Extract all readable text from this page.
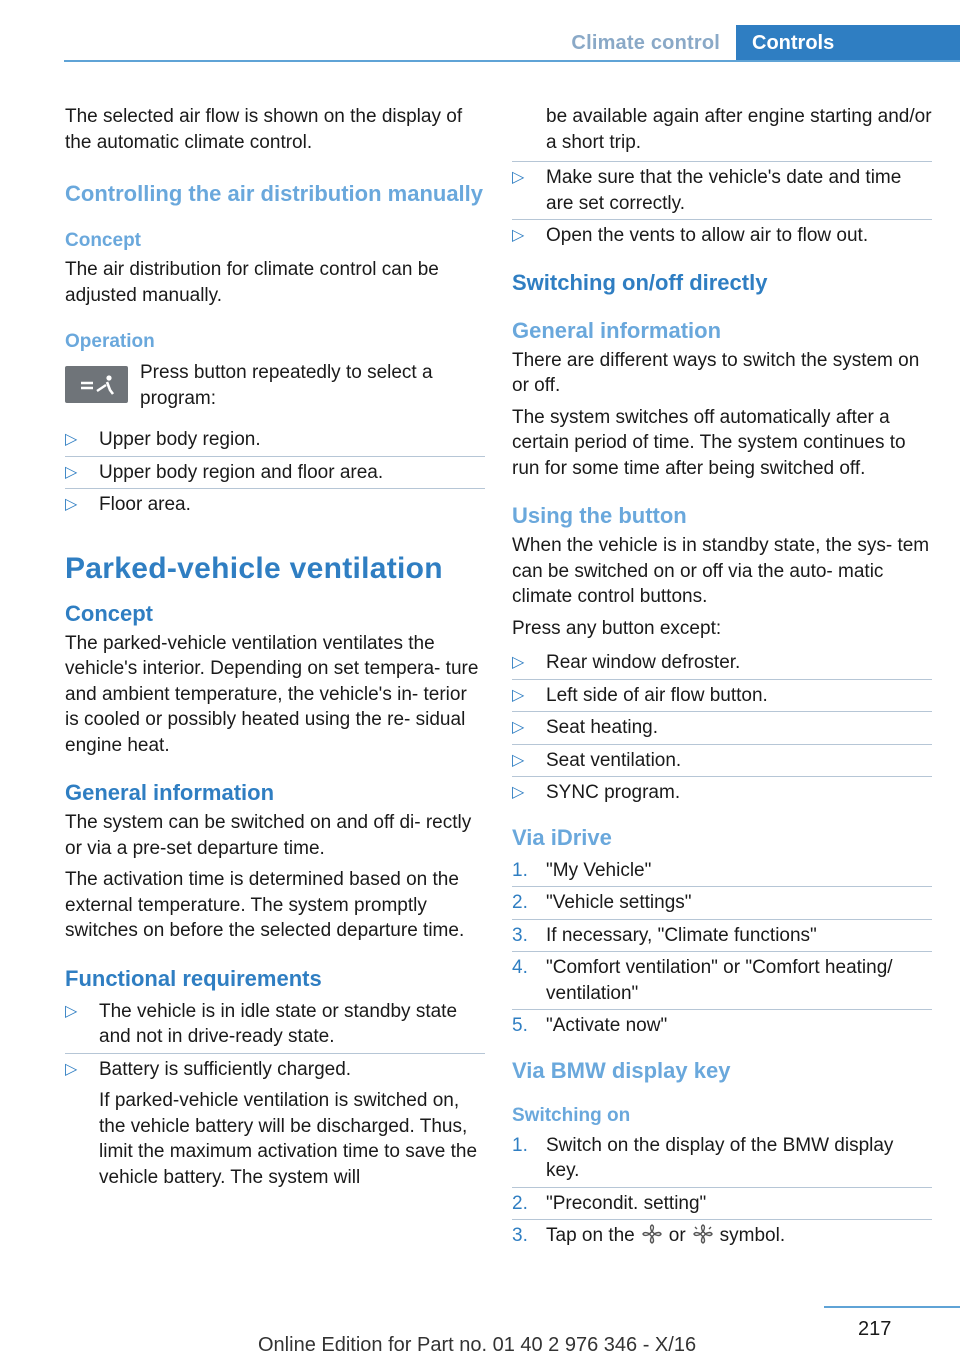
Climate control Controls

The selected air flow is shown on the display of the automatic climate control.

Controlling the air distribution manually
Concept

The air distribution for climate control can be adjusted manually.

Operation
Press button repeatedly to select a program:
▷ Upper body region.
▷ Upper body region and floor area.
▷ Floor area.
Parked-vehicle ventilation
Concept

The parked-vehicle ventilation ventilates the vehicle's interior. Depending on set tempera‐ ture and ambient temperature, the vehicle's in‐ terior is cooled or possibly heated using the re‐ sidual engine heat.

General information

The system can be switched on and off di‐ rectly or via a pre-set departure time.

The activation time is determined based on the external temperature. The system promptly switches on before the selected departure time.

Functional requirements
▷ The vehicle is in idle state or standby state and not in drive-ready state.
▷ Battery is sufficiently charged.
If parked-vehicle ventilation is switched on, the vehicle battery will be discharged. Thus, limit the maximum activation time to save the vehicle battery. The system will

be available again after engine starting and/or a short trip.

▷ Make sure that the vehicle's date and time are set correctly.
▷ Open the vents to allow air to flow out.
Switching on/off directly
General information

There are different ways to switch the system on or off.

The system switches off automatically after a certain period of time. The system continues to run for some time after being switched off.

Using the button

When the vehicle is in standby state, the sys‐ tem can be switched on or off via the auto‐ matic climate control buttons.

Press any button except:

▷ Rear window defroster.
▷ Left side of air flow button.
▷ Seat heating.
▷ Seat ventilation.
▷ SYNC program.
Via iDrive
1. "My Vehicle"
2. "Vehicle settings"
3. If necessary, "Climate functions"
4. "Comfort ventilation" or "Comfort heating/ ventilation"
5. "Activate now"
Via BMW display key
Switching on
1. Switch on the display of the BMW display key.
2. "Precondit. setting"
3. Tap on the or symbol.
217
Online Edition for Part no. 01 40 2 976 346 - X/16
